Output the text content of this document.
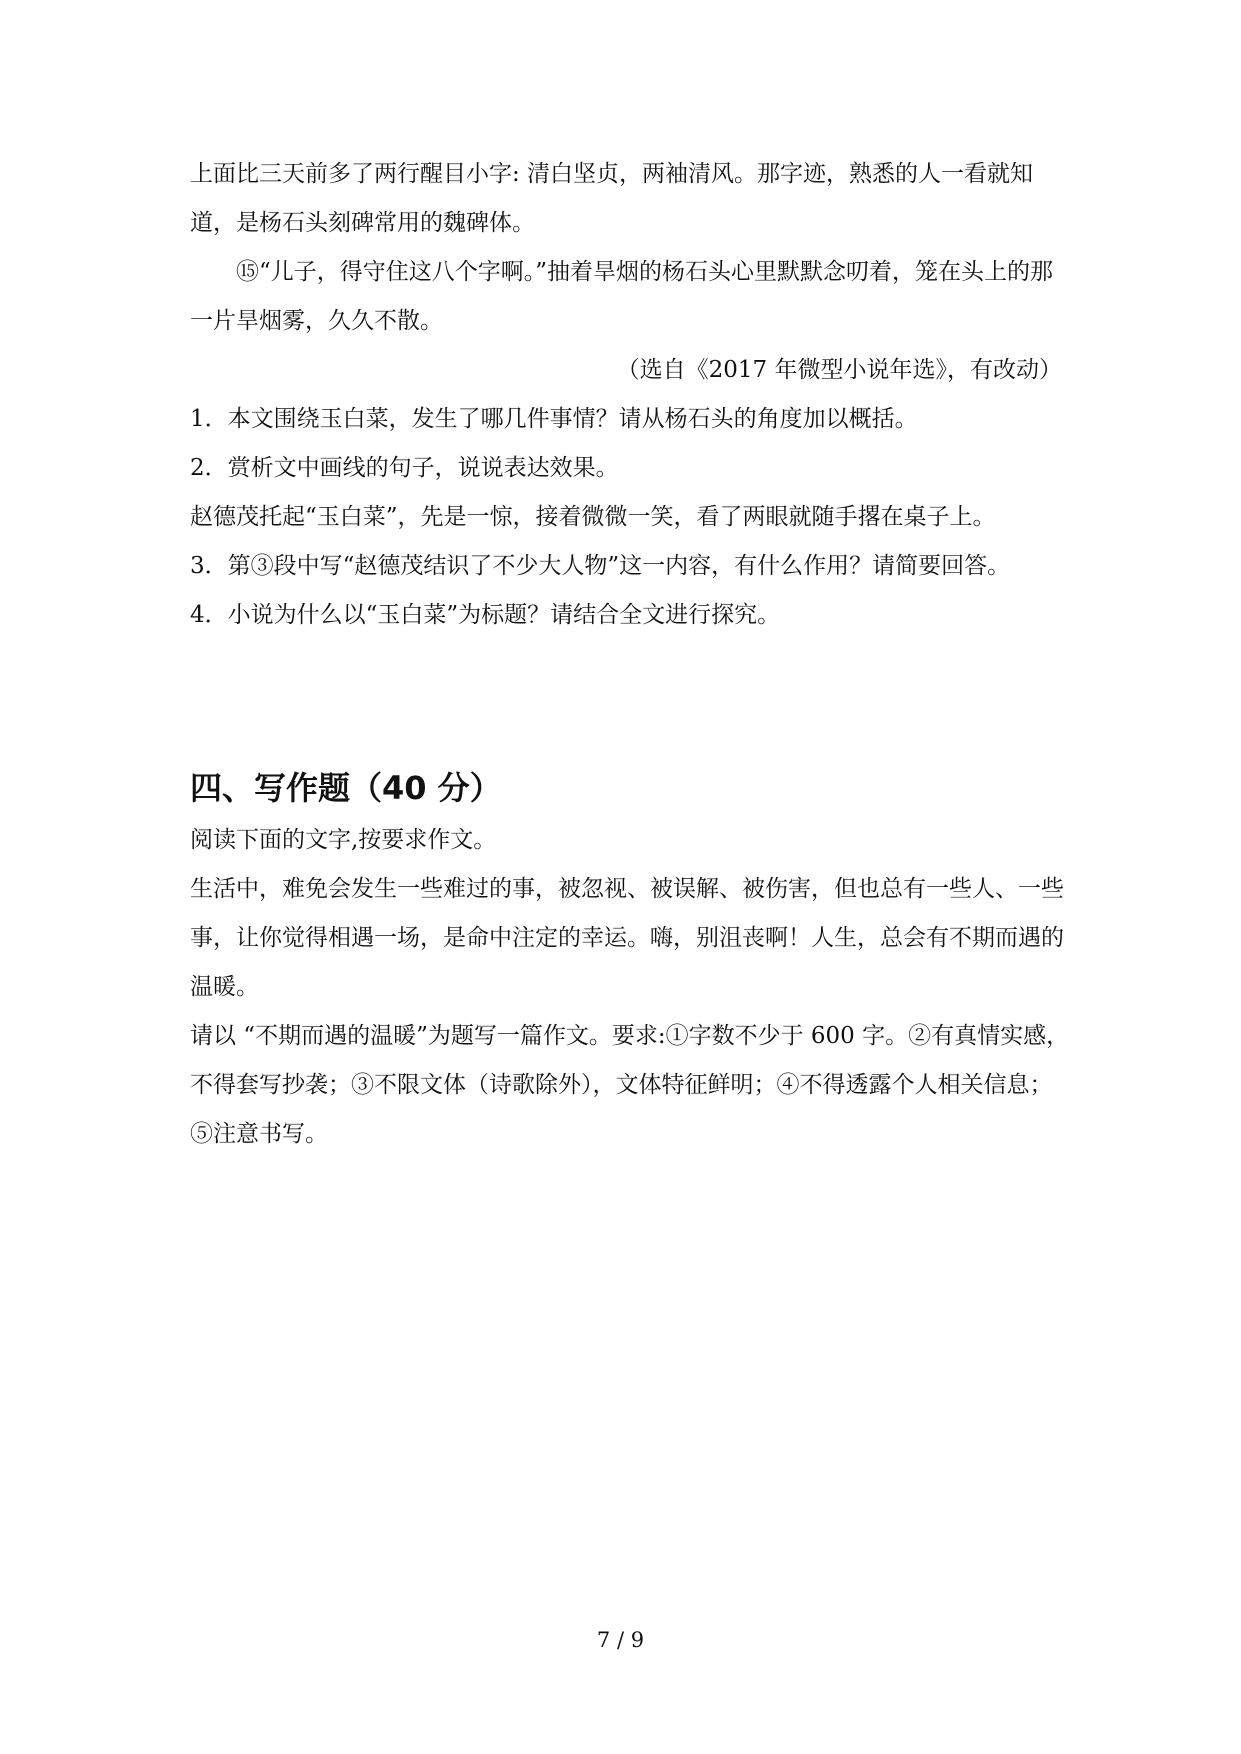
上面比三天前多了两行醒目小字: 清白坚贞，两袖清风。那字迹，熟悉的人一看就知道，是杨石头刻碑常用的魏碑体。

⑮“儿子，得守住这八个字啊。”抽着旱烟的杨石头心里默默念叨着，笼在头上的那一片旱烟雾，久久不散。

（选自《2017 年微型小说年选》，有改动）

1．本文围绕玉白菜，发生了哪几件事情？请从杨石头的角度加以概括。

2．赏析文中画线的句子，说说表达效果。

赵德茂托起“玉白菜”，先是一惊，接着微微一笑，看了两眼就随手撂在桌子上。

3．第③段中写“赵德茂结识了不少大人物”这一内容，有什么作用？请简要回答。

4．小说为什么以“玉白菜”为标题？请结合全文进行探究。

四、写作题（40 分）

阅读下面的文字,按要求作文。

生活中，难免会发生一些难过的事，被忽视、被误解、被伤害，但也总有一些人、一些事，让你觉得相遇一场，是命中注定的幸运。嗨，别沮丧啊！人生，总会有不期而遇的温暖。

请以 “不期而遇的温暖”为题写一篇作文。要求:①字数不少于 600 字。②有真情实感，不得套写抄袭；③不限文体（诗歌除外），文体特征鲜明；④不得透露个人相关信息；⑤注意书写。

7 / 9
